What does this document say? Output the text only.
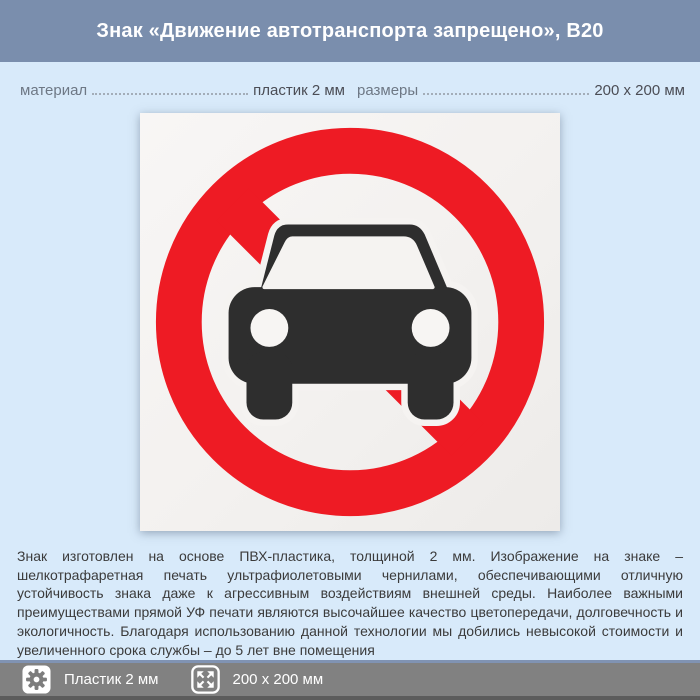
Знак «Движение автотранспорта запрещено», B20
материал	пластик 2 мм размеры	200 x 200 мм
Знак изготовлен на основе ПВХ-пластика, толщиной 2 мм. Изображение на знаке – шелкотрафаретная печать ультрафиолетовыми чернилами, обеспечивающими отличную устойчивость знака даже к агрессивным воздействиям внешней среды. Наиболее важными преимуществами прямой УФ печати являются высочайшее качество цветопередачи, долговечность и экологичность. Благодаря использованию данной технологии мы добились невысокой стоимости и увеличенного срока службы – до 5 лет вне помещения
Пластик 2 мм	200 x 200 мм
